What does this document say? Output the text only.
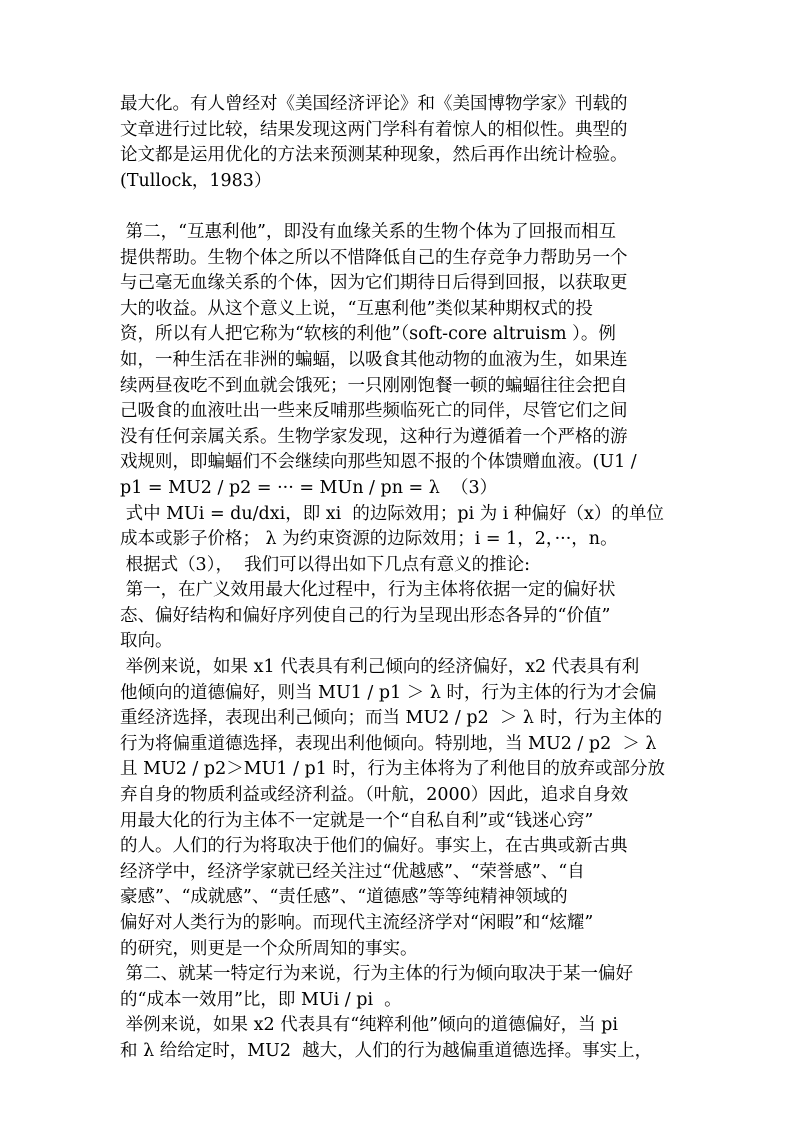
最大化。有人曾经对《美国经济评论》和《美国博物学家》刊载的
文章进行过比较，结果发现这两门学科有着惊人的相似性。典型的
论文都是运用优化的方法来预测某种现象，然后再作出统计检验。
(Tullock，1983）
第二，“互惠利他”，即没有血缘关系的生物个体为了回报而相互
提供帮助。生物个体之所以不惜降低自己的生存竞争力帮助另一个
与己毫无血缘关系的个体，因为它们期待日后得到回报，以获取更
大的收益。从这个意义上说，“互惠利他”类似某种期权式的投
资，所以有人把它称为“软核的利他”（soft-core altruism ）。例
如，一种生活在非洲的蝙蝠，以吸食其他动物的血液为生，如果连
续两昼夜吃不到血就会饿死；一只刚刚饱餐一顿的蝙蝠往往会把自
己吸食的血液吐出一些来反哺那些频临死亡的同伴，尽管它们之间
没有任何亲属关系。生物学家发现，这种行为遵循着一个严格的游
戏规则，即蝙蝠们不会继续向那些知恩不报的个体馈赠血液。(U1 /
p1 = MU2 / p2 = ··· = MUn / pn = λ  （3）
式中 MUi = du/dxi，即 xi  的边际效用；pi 为 i 种偏好（x）的单位
成本或影子价格； λ 为约束资源的边际效用；i = 1，2，···，n。
根据式（3），  我们可以得出如下几点有意义的推论:
第一，在广义效用最大化过程中，行为主体将依据一定的偏好状
态、偏好结构和偏好序列使自己的行为呈现出形态各异的“价值”
取向。
举例来说，如果 x1 代表具有利己倾向的经济偏好，x2 代表具有利
他倾向的道德偏好，则当 MU1 / p1 ＞ λ 时，行为主体的行为才会偏
重经济选择，表现出利己倾向；而当 MU2 / p2  ＞ λ 时，行为主体的
行为将偏重道德选择，表现出利他倾向。特别地，当 MU2 / p2  ＞ λ
且 MU2 / p2＞MU1 / p1 时，行为主体将为了利他目的放弃或部分放
弃自身的物质利益或经济利益。（叶航，2000）因此，追求自身效
用最大化的行为主体不一定就是一个“自私自利”或“钱迷心窍”
的人。人们的行为将取决于他们的偏好。事实上，在古典或新古典
经济学中，经济学家就已经关注过“优越感”、“荣誉感”、“自
豪感”、“成就感”、“责任感”、“道德感”等等纯精神领域的
偏好对人类行为的影响。而现代主流经济学对“闲暇”和“炫耀”
的研究，则更是一个众所周知的事实。
第二、就某一特定行为来说，行为主体的行为倾向取决于某一偏好
的“成本一效用”比，即 MUi / pi  。
举例来说，如果 x2 代表具有“纯粹利他”倾向的道德偏好，当 pi
和 λ 给给定时，MU2  越大，人们的行为越偏重道德选择。事实上，
